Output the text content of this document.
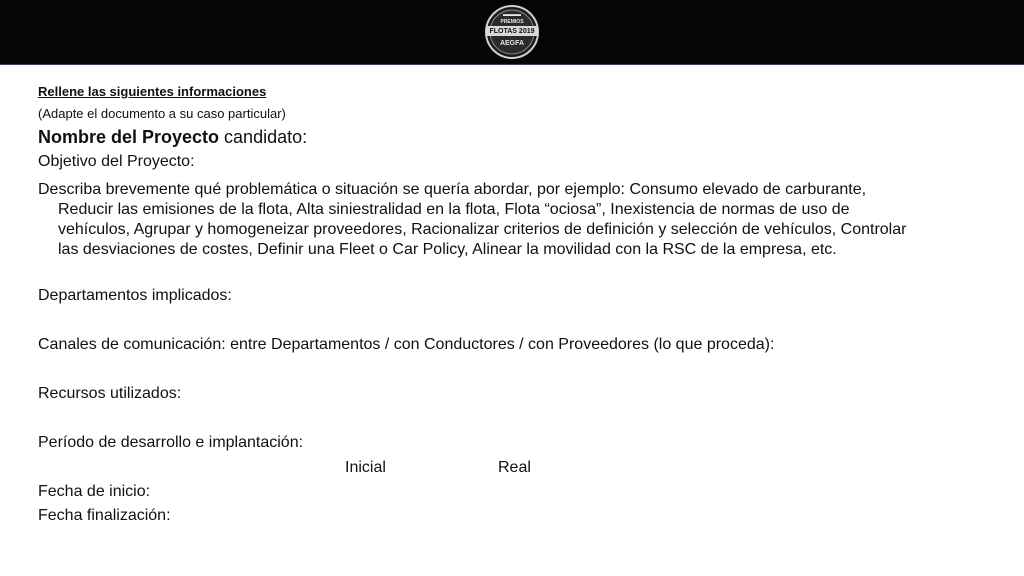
▬▬▬
PREMIOS
FLOTAS 2019
AEGFA
Rellene las siguientes informaciones
(Adapte el documento a su caso particular)
Nombre del Proyecto candidato:
Objetivo del Proyecto:
Describa brevemente qué problemática o situación se quería abordar, por ejemplo: Consumo elevado de carburante,
Reducir las emisiones de la flota, Alta siniestralidad en la flota, Flota “ociosa”, Inexistencia de normas de uso de
vehículos, Agrupar y homogeneizar proveedores, Racionalizar criterios de definición y selección de vehículos, Controlar
las desviaciones de costes, Definir una Fleet o Car Policy, Alinear la movilidad con la RSC de la empresa, etc.
Departamentos implicados:
Canales de comunicación: entre Departamentos / con Conductores / con Proveedores (lo que proceda):
Recursos utilizados:
Período de desarrollo e implantación:
Inicial	Real
Fecha de inicio:
Fecha finalización:
